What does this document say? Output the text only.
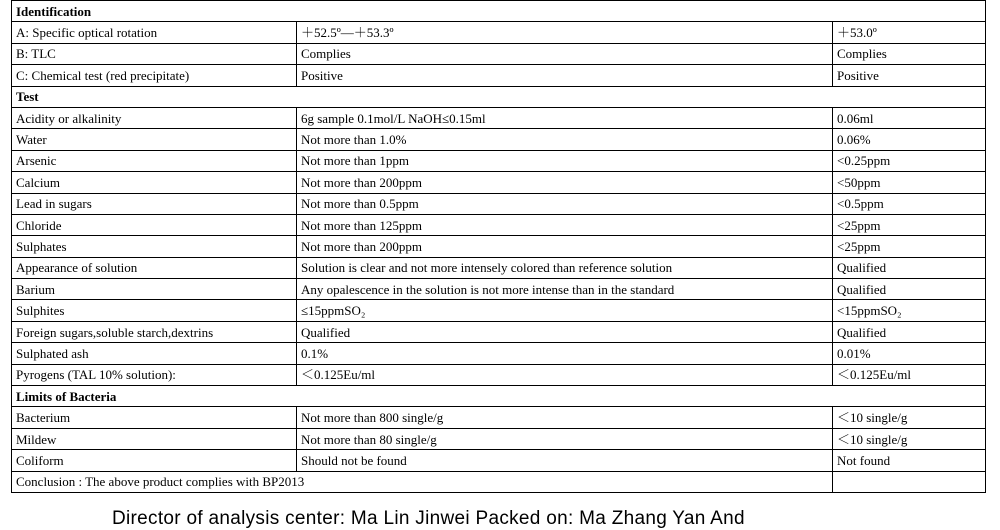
Identification		
A: Specific optical rotation	＋52.5º—＋53.3º	＋53.0º
B: TLC	Complies	Complies
C: Chemical test (red precipitate)	Positive	Positive
Test		
Acidity or alkalinity	6g sample 0.1mol/L NaOH≤0.15ml	0.06ml
Water	Not more than 1.0%	0.06%
Arsenic	Not more than 1ppm	<0.25ppm
Calcium	Not more than 200ppm	<50ppm
Lead in sugars	Not more than 0.5ppm	<0.5ppm
Chloride	Not more than 125ppm	<25ppm
Sulphates	Not more than 200ppm	<25ppm
Appearance of solution	Solution is clear and not more intensely colored than reference solution	Qualified
Barium	Any opalescence in the solution is not more intense than in the standard	Qualified
Sulphites	≤15ppmSO₂	<15ppmSO₂
Foreign sugars,soluble starch,dextrins	Qualified	Qualified
Sulphated ash	0.1%	0.01%
Pyrogens (TAL 10% solution):	＜0.125Eu/ml	＜0.125Eu/ml
Limits of Bacteria		
Bacterium	Not more than 800 single/g	＜10 single/g
Mildew	Not more than 80 single/g	＜10 single/g
Coliform	Should not be found	Not found
Conclusion : The above product complies with BP2013		
Director of analysis center: Ma Lin Jinwei Packed on: Ma Zhang Yan And
